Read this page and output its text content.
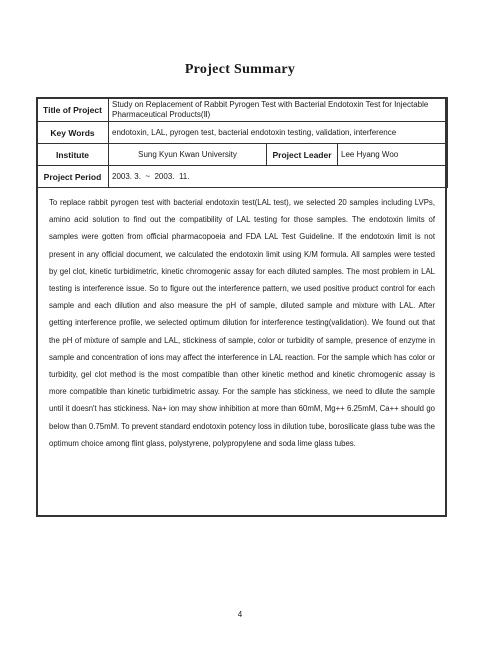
Project Summary
Title of Project	Study on Replacement of Rabbit Pyrogen Test with Bacterial Endotoxin Test for Injectable Pharmaceutical Products(Ⅱ)		
Key Words	endotoxin, LAL, pyrogen test, bacterial endotoxin testing, validation, interference		
Institute	Sung Kyun Kwan University	Project Leader	Lee Hyang Woo
Project Period	2003. 3.  ~  2003.  11.		

To replace rabbit pyrogen test with bacterial endotoxin test(LAL test), we selected 20 samples including LVPs, amino acid solution to find out the compatibility of LAL testing for those samples. The endotoxin limits of samples were gotten from official pharmacopoeia and FDA LAL Test Guideline. If the endotoxin limit is not present in any official document, we calculated the endotoxin limit using K/M formula. All samples were tested by gel clot, kinetic turbidimetric, kinetic chromogenic assay for each diluted samples. The most problem in LAL testing is interference issue. So to figure out the interference pattern, we used positive product control for each sample and each dilution and also measure the pH of sample, diluted sample and mixture with LAL. After getting interference profile, we selected optimum dilution for interference testing(validation). We found out that the pH of mixture of sample and LAL, stickiness of sample, color or turbidity of sample, presence of enzyme in sample and concentration of ions may affect the interference in LAL reaction. For the sample which has color or turbidity, gel clot method is the most compatible than other kinetic method and kinetic chromogenic assay is more compatible than kinetic turbidimetric assay. For the sample has stickiness, we need to dilute the sample until it doesn't has stickiness. Na+ ion may show inhibition at more than 60mM, Mg++ 6.25mM, Ca++ should go below than 0.75mM. To prevent standard endotoxin potency loss in dilution tube, borosilicate glass tube was the optimum choice among flint glass, polystyrene, polypropylene and soda lime glass tubes.

4
